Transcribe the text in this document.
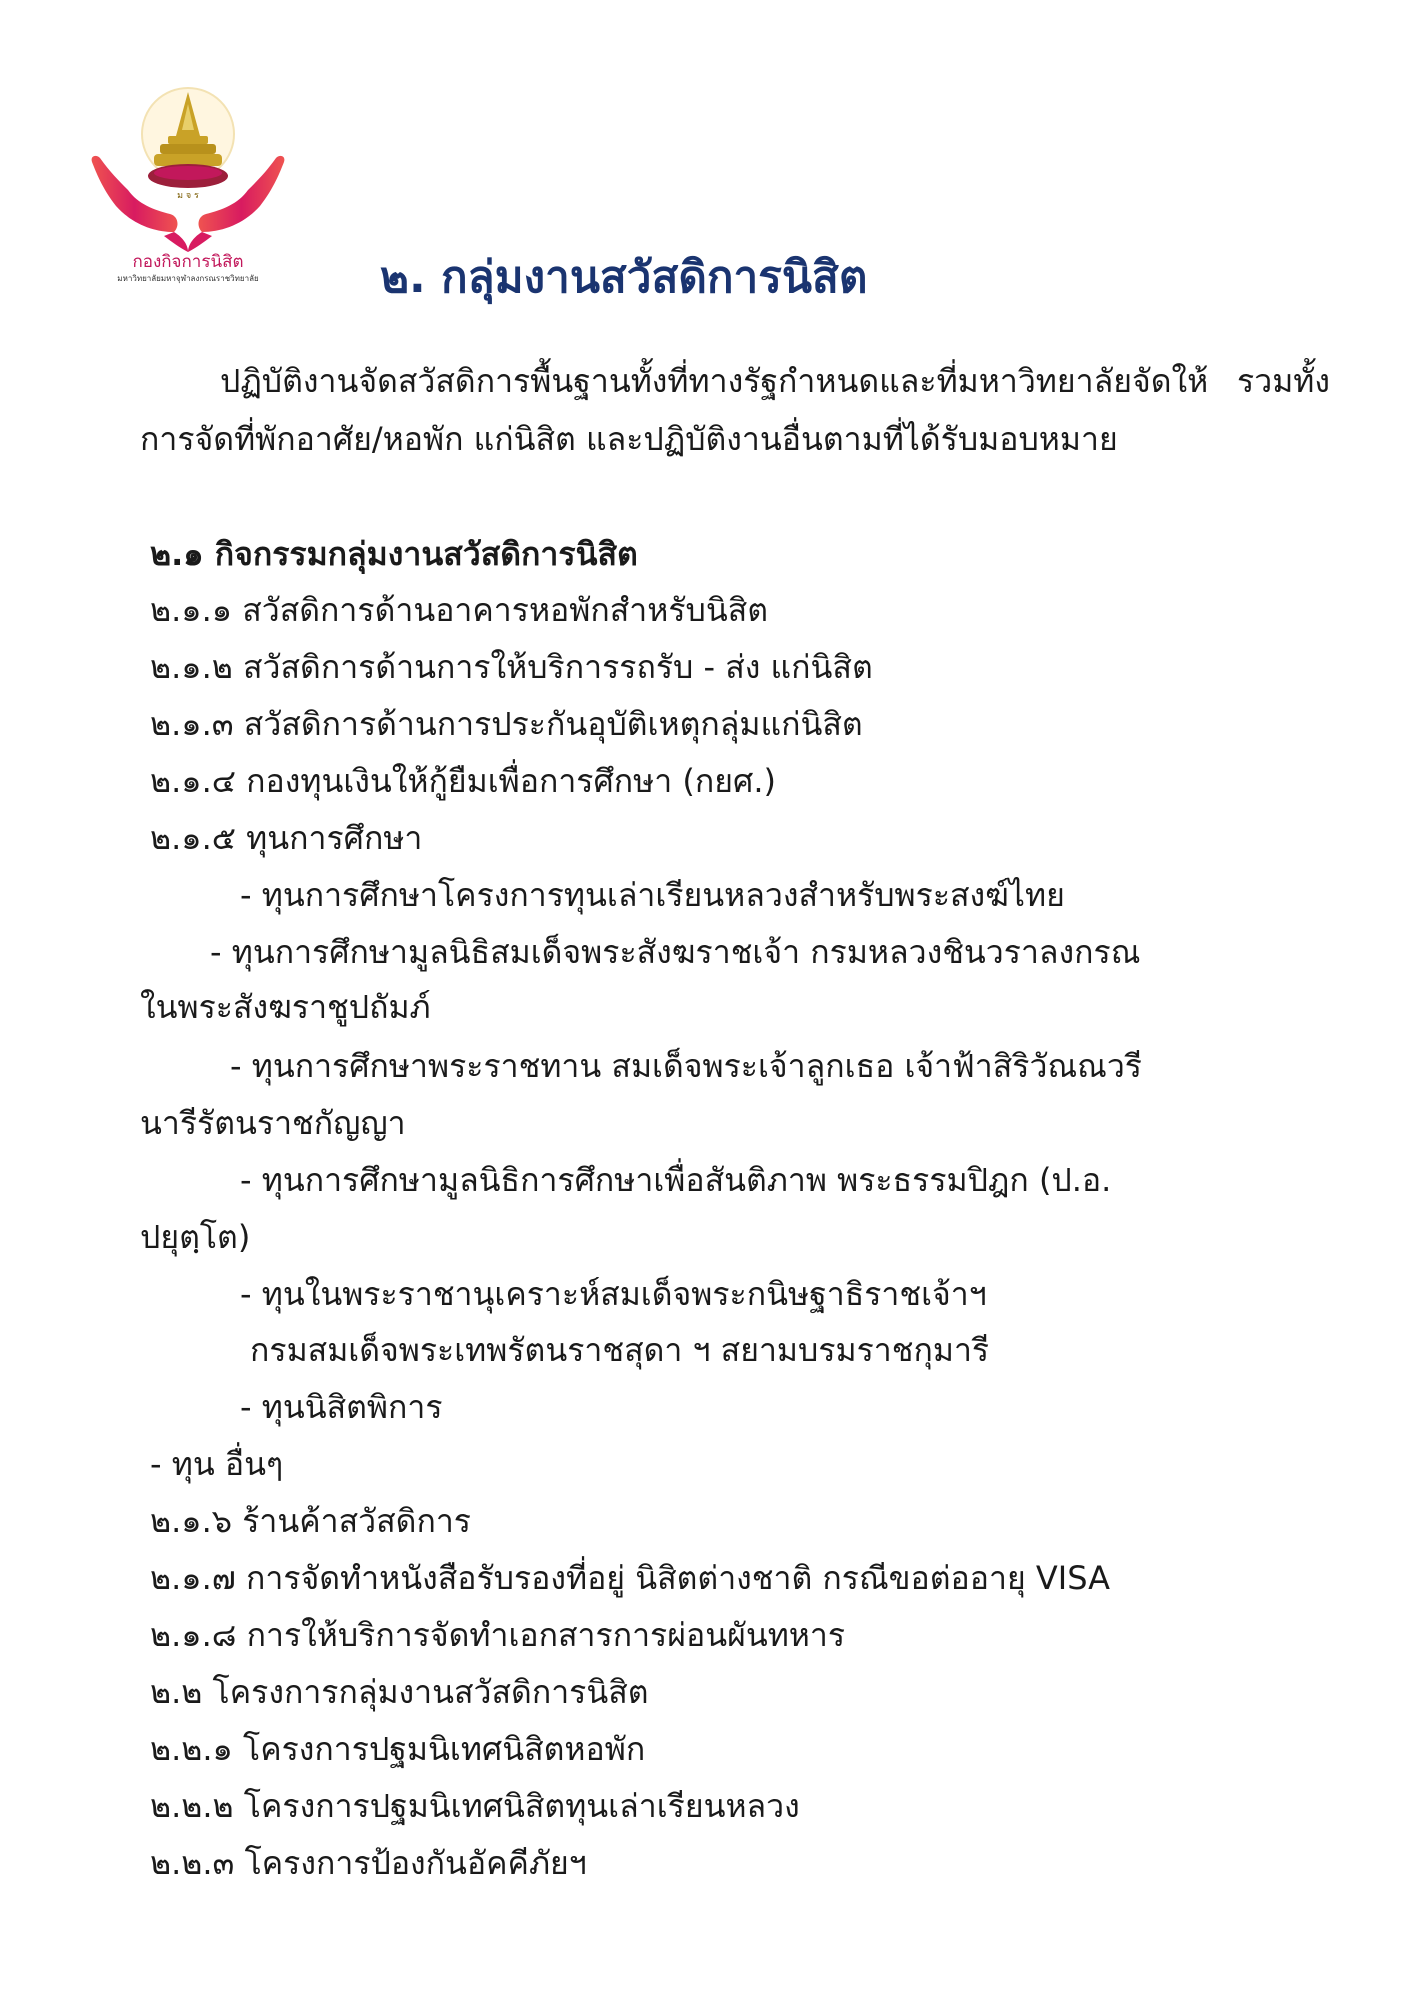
ม จ ร
กองกิจการนิสิต
มหาวิทยาลัยมหาจุฬาลงกรณราชวิทยาลัย	๒. กลุ่มงานสวัสดิการนิสิต

ปฏิบัติงานจัดสวัสดิการพื้นฐานทั้งที่ทางรัฐกำหนดและที่มหาวิทยาลัยจัดให้ รวมทั้งการจัดที่พักอาศัย/หอพัก แก่นิสิต และปฏิบัติงานอื่นตามที่ได้รับมอบหมาย

๒.๑ กิจกรรมกลุ่มงานสวัสดิการนิสิต
๒.๑.๑ สวัสดิการด้านอาคารหอพักสำหรับนิสิต
๒.๑.๒ สวัสดิการด้านการให้บริการรถรับ - ส่ง แก่นิสิต
๒.๑.๓ สวัสดิการด้านการประกันอุบัติเหตุกลุ่มแก่นิสิต
๒.๑.๔ กองทุนเงินให้กู้ยืมเพื่อการศึกษา (กยศ.)
๒.๑.๕ ทุนการศึกษา
- ทุนการศึกษาโครงการทุนเล่าเรียนหลวงสำหรับพระสงฆ์ไทย
- ทุนการศึกษามูลนิธิสมเด็จพระสังฆราชเจ้า กรมหลวงชินวราลงกรณ
ในพระสังฆราชูปถัมภ์
- ทุนการศึกษาพระราชทาน สมเด็จพระเจ้าลูกเธอ เจ้าฟ้าสิริวัณณวรี
นารีรัตนราชกัญญา
- ทุนการศึกษามูลนิธิการศึกษาเพื่อสันติภาพ พระธรรมปิฎก (ป.อ.
ปยุตฺโต)
- ทุนในพระราชานุเคราะห์สมเด็จพระกนิษฐาธิราชเจ้าฯ
กรมสมเด็จพระเทพรัตนราชสุดา ฯ สยามบรมราชกุมารี
- ทุนนิสิตพิการ
- ทุน อื่นๆ
๒.๑.๖ ร้านค้าสวัสดิการ
๒.๑.๗ การจัดทำหนังสือรับรองที่อยู่ นิสิตต่างชาติ กรณีขอต่ออายุ VISA
๒.๑.๘ การให้บริการจัดทำเอกสารการผ่อนผันทหาร
๒.๒ โครงการกลุ่มงานสวัสดิการนิสิต
๒.๒.๑ โครงการปฐมนิเทศนิสิตหอพัก
๒.๒.๒ โครงการปฐมนิเทศนิสิตทุนเล่าเรียนหลวง
๒.๒.๓ โครงการป้องกันอัคคีภัยฯ
